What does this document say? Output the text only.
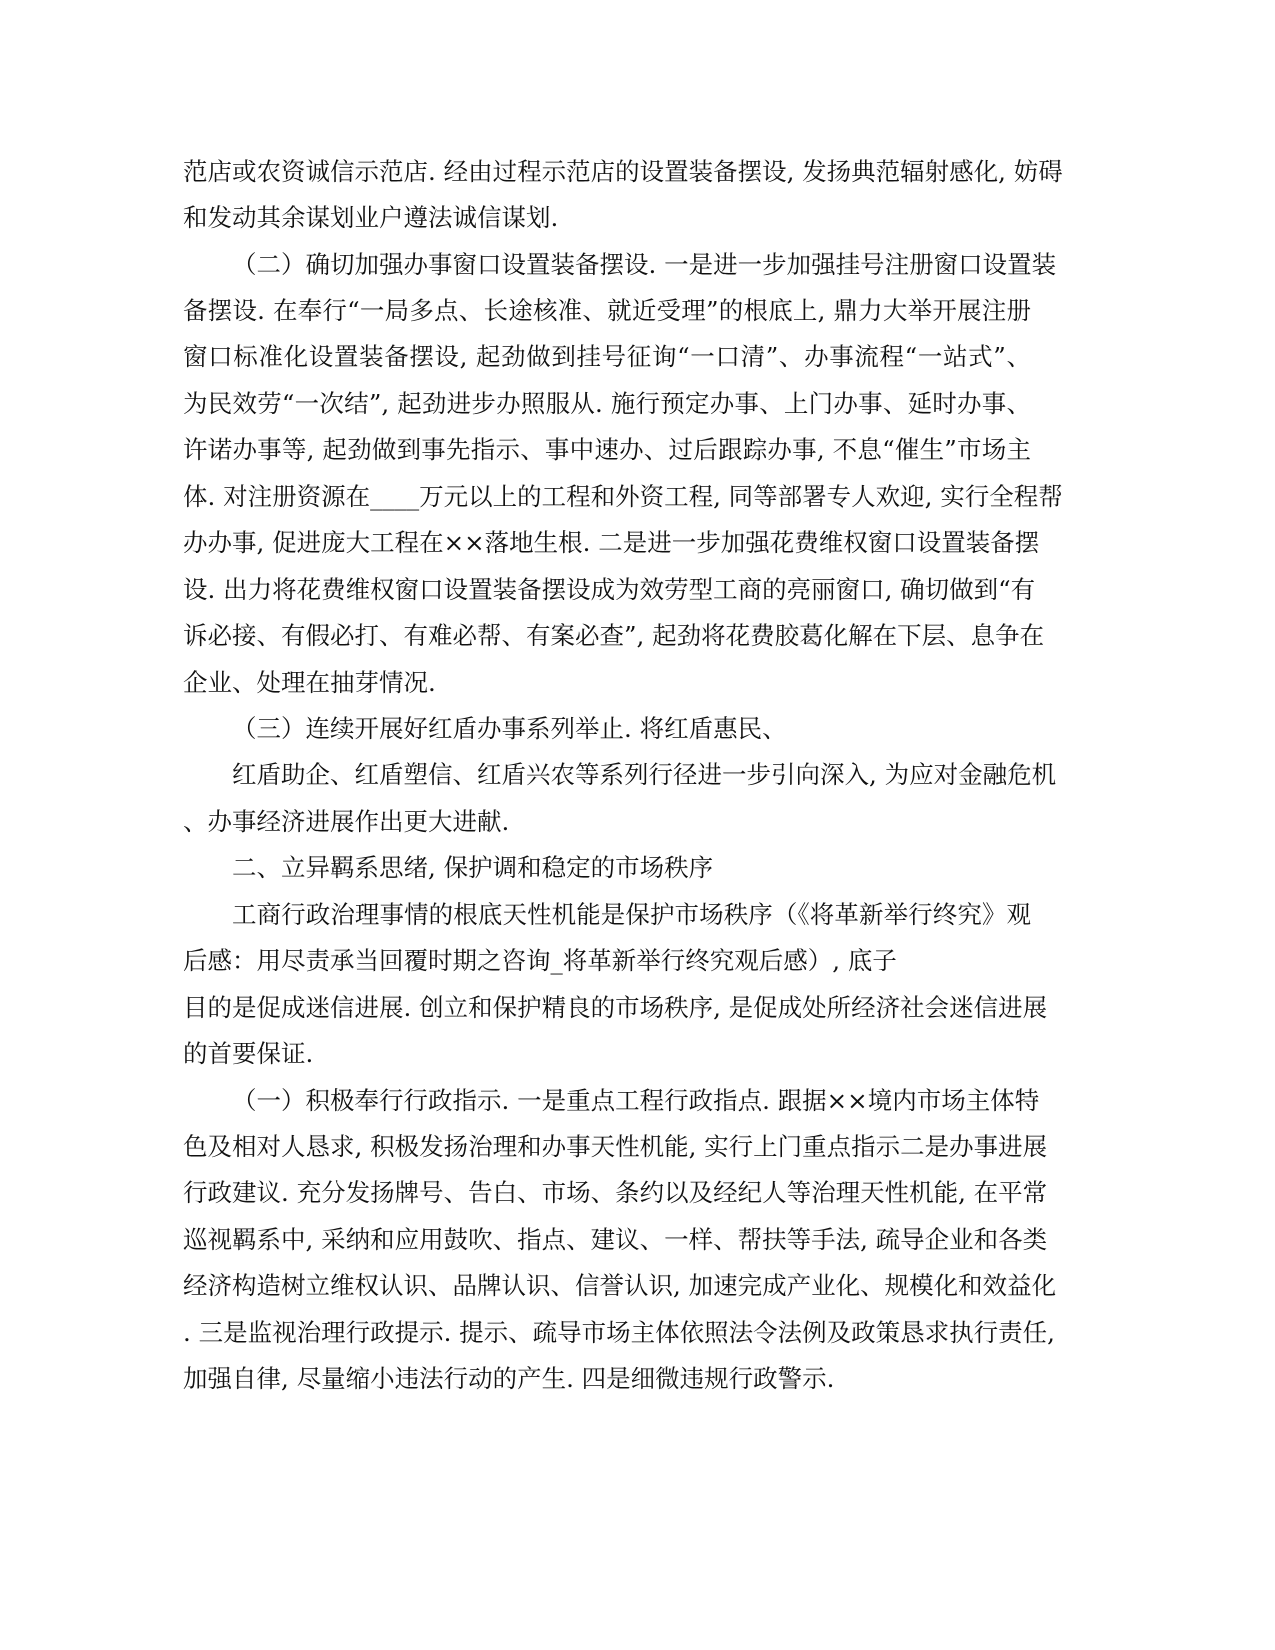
范店或农资诚信示范店. 经由过程示范店的设置装备摆设, 发扬典范辐射感化, 妨碍
和发动其余谋划业户遵法诚信谋划.
（二）确切加强办事窗口设置装备摆设. 一是进一步加强挂号注册窗口设置装
备摆设. 在奉行“一局多点、长途核准、就近受理”的根底上, 鼎力大举开展注册
窗口标准化设置装备摆设, 起劲做到挂号征询“一口清”、办事流程“一站式”、
为民效劳“一次结”, 起劲进步办照服从. 施行预定办事、上门办事、延时办事、
许诺办事等, 起劲做到事先指示、事中速办、过后跟踪办事, 不息“催生”市场主
体. 对注册资源在____万元以上的工程和外资工程, 同等部署专人欢迎, 实行全程帮
办办事, 促进庞大工程在××落地生根. 二是进一步加强花费维权窗口设置装备摆
设. 出力将花费维权窗口设置装备摆设成为效劳型工商的亮丽窗口, 确切做到“有
诉必接、有假必打、有难必帮、有案必查”, 起劲将花费胶葛化解在下层、息争在
企业、处理在抽芽情况.
（三）连续开展好红盾办事系列举止. 将红盾惠民、
红盾助企、红盾塑信、红盾兴农等系列行径进一步引向深入, 为应对金融危机
、办事经济进展作出更大进献.
二、立异羁系思绪, 保护调和稳定的市场秩序
工商行政治理事情的根底天性机能是保护市场秩序（《将革新举行终究》观
后感：用尽责承当回覆时期之咨询_将革新举行终究观后感）, 底子
目的是促成迷信进展. 创立和保护精良的市场秩序, 是促成处所经济社会迷信进展
的首要保证.
（一）积极奉行行政指示. 一是重点工程行政指点. 跟据××境内市场主体特
色及相对人恳求, 积极发扬治理和办事天性机能, 实行上门重点指示二是办事进展
行政建议. 充分发扬牌号、告白、市场、条约以及经纪人等治理天性机能, 在平常
巡视羁系中, 采纳和应用鼓吹、指点、建议、一样、帮扶等手法, 疏导企业和各类
经济构造树立维权认识、品牌认识、信誉认识, 加速完成产业化、规模化和效益化
. 三是监视治理行政提示. 提示、疏导市场主体依照法令法例及政策恳求执行责任,
加强自律, 尽量缩小违法行动的产生. 四是细微违规行政警示.
